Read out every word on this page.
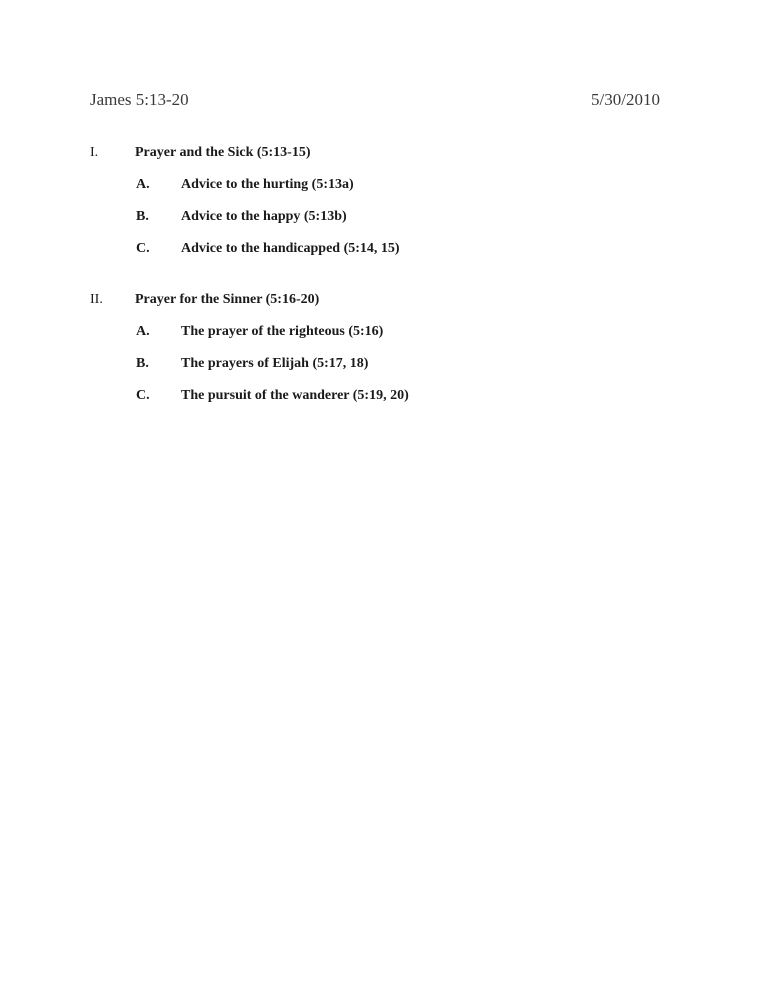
James 5:13-20	5/30/2010
I.	Prayer and the Sick (5:13-15)
A. Advice to the hurting (5:13a)
B. Advice to the happy (5:13b)
C. Advice to the handicapped (5:14, 15)
II. Prayer for the Sinner (5:16-20)
A. The prayer of the righteous (5:16)
B. The prayers of Elijah (5:17, 18)
C. The pursuit of the wanderer (5:19, 20)
